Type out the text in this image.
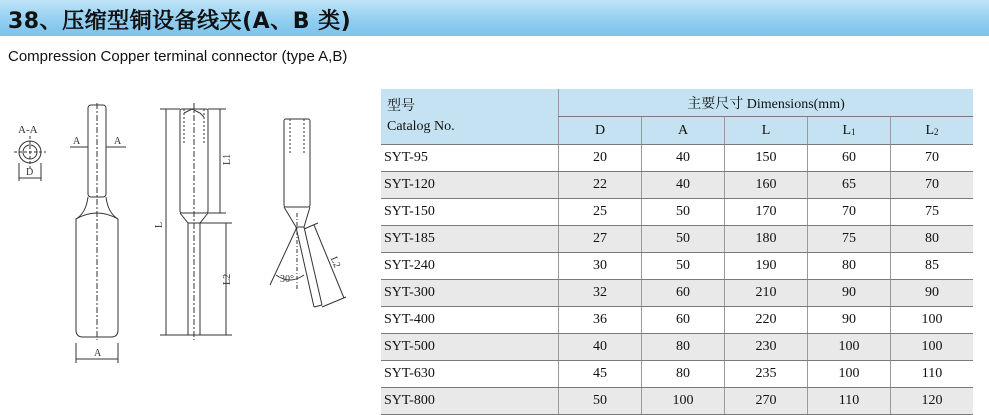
38、压缩型铜设备线夹(A、B 类)
Compression Copper terminal connector (type A,B)
A-A
D
A	A
A
L
L1
L2	30°
L2
型号
Catalog No.	主要尺寸 Dimensions(mm)				
	D	A	L	$L_1$	$L_2$
SYT-95	20	40	150	60	70
SYT-120	22	40	160	65	70
SYT-150	25	50	170	70	75
SYT-185	27	50	180	75	80
SYT-240	30	50	190	80	85
SYT-300	32	60	210	90	90
SYT-400	36	60	220	90	100
SYT-500	40	80	230	100	100
SYT-630	45	80	235	100	110
SYT-800	50	100	270	110	120
